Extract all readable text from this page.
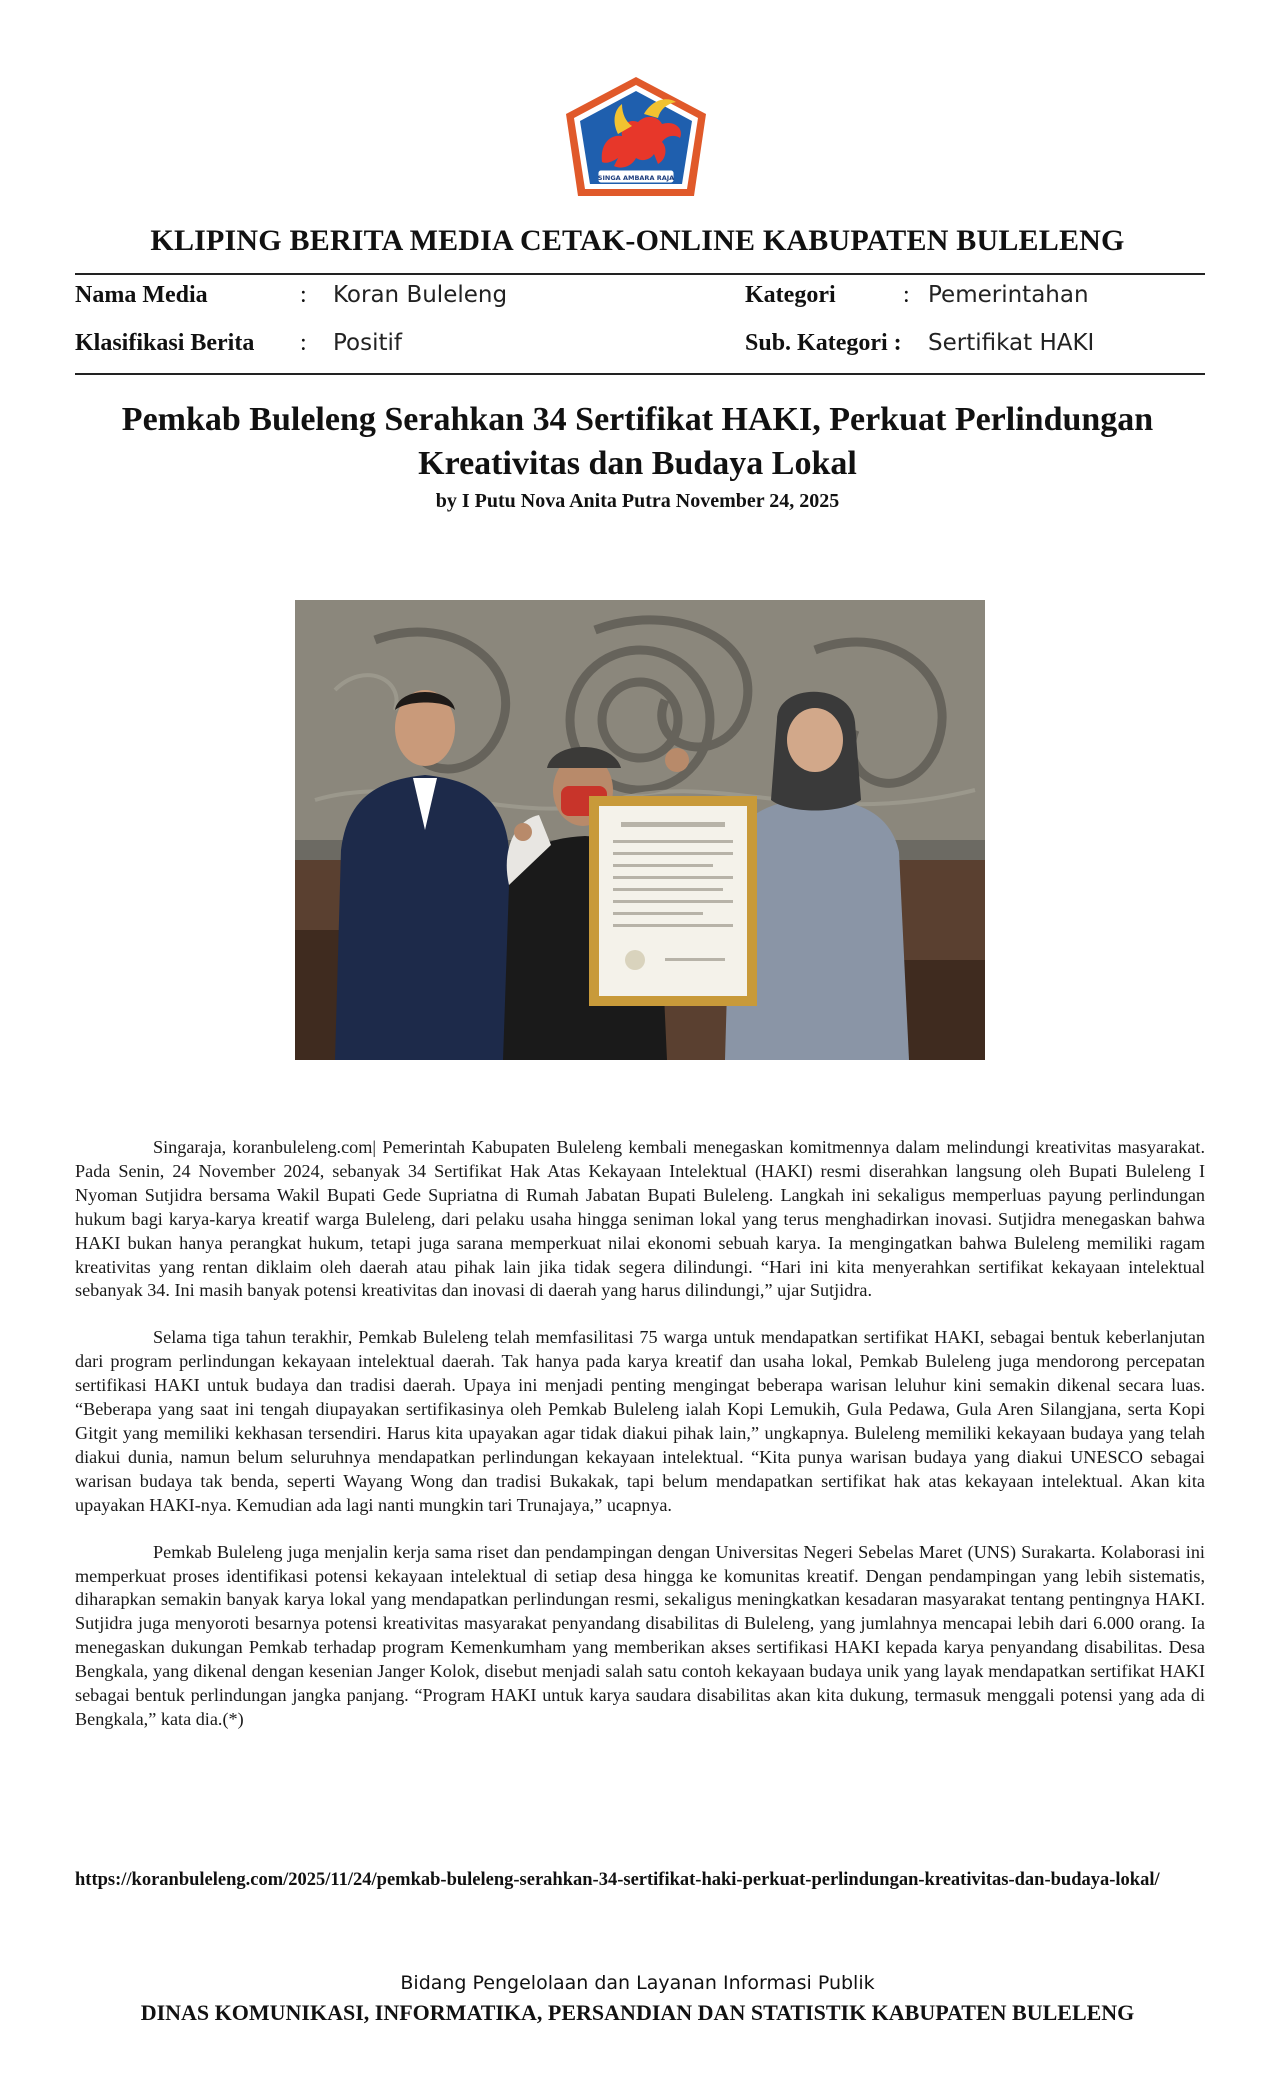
SINGA AMBARA RAJA
KLIPING BERITA MEDIA CETAK-ONLINE KABUPATEN BULELENG
Nama Media	: Koran Buleleng	Kategori	: Pemerintahan
Klasifikasi Berita : Positif	Sub. Kategori : Sertifikat HAKI
Pemkab Buleleng Serahkan 34 Sertifikat HAKI, Perkuat Perlindungan
Kreativitas dan Budaya Lokal
by I Putu Nova Anita Putra November 24, 2025

Singaraja, koranbuleleng.com| Pemerintah Kabupaten Buleleng kembali menegaskan komitmennya dalam melindungi kreativitas masyarakat. Pada Senin, 24 November 2024, sebanyak 34 Sertifikat Hak Atas Kekayaan Intelektual (HAKI) resmi diserahkan langsung oleh Bupati Buleleng I Nyoman Sutjidra bersama Wakil Bupati Gede Supriatna di Rumah Jabatan Bupati Buleleng. Langkah ini sekaligus memperluas payung perlindungan hukum bagi karya-karya kreatif warga Buleleng, dari pelaku usaha hingga seniman lokal yang terus menghadirkan inovasi. Sutjidra menegaskan bahwa HAKI bukan hanya perangkat hukum, tetapi juga sarana memperkuat nilai ekonomi sebuah karya. Ia mengingatkan bahwa Buleleng memiliki ragam kreativitas yang rentan diklaim oleh daerah atau pihak lain jika tidak segera dilindungi. “Hari ini kita menyerahkan sertifikat kekayaan intelektual sebanyak 34. Ini masih banyak potensi kreativitas dan inovasi di daerah yang harus dilindungi,” ujar Sutjidra.

Selama tiga tahun terakhir, Pemkab Buleleng telah memfasilitasi 75 warga untuk mendapatkan sertifikat HAKI, sebagai bentuk keberlanjutan dari program perlindungan kekayaan intelektual daerah. Tak hanya pada karya kreatif dan usaha lokal, Pemkab Buleleng juga mendorong percepatan sertifikasi HAKI untuk budaya dan tradisi daerah. Upaya ini menjadi penting mengingat beberapa warisan leluhur kini semakin dikenal secara luas. “Beberapa yang saat ini tengah diupayakan sertifikasinya oleh Pemkab Buleleng ialah Kopi Lemukih, Gula Pedawa, Gula Aren Silangjana, serta Kopi Gitgit yang memiliki kekhasan tersendiri. Harus kita upayakan agar tidak diakui pihak lain,” ungkapnya. Buleleng memiliki kekayaan budaya yang telah diakui dunia, namun belum seluruhnya mendapatkan perlindungan kekayaan intelektual. “Kita punya warisan budaya yang diakui UNESCO sebagai warisan budaya tak benda, seperti Wayang Wong dan tradisi Bukakak, tapi belum mendapatkan sertifikat hak atas kekayaan intelektual. Akan kita upayakan HAKI-nya. Kemudian ada lagi nanti mungkin tari Trunajaya,” ucapnya.

Pemkab Buleleng juga menjalin kerja sama riset dan pendampingan dengan Universitas Negeri Sebelas Maret (UNS) Surakarta. Kolaborasi ini memperkuat proses identifikasi potensi kekayaan intelektual di setiap desa hingga ke komunitas kreatif. Dengan pendampingan yang lebih sistematis, diharapkan semakin banyak karya lokal yang mendapatkan perlindungan resmi, sekaligus meningkatkan kesadaran masyarakat tentang pentingnya HAKI. Sutjidra juga menyoroti besarnya potensi kreativitas masyarakat penyandang disabilitas di Buleleng, yang jumlahnya mencapai lebih dari 6.000 orang. Ia menegaskan dukungan Pemkab terhadap program Kemenkumham yang memberikan akses sertifikasi HAKI kepada karya penyandang disabilitas. Desa Bengkala, yang dikenal dengan kesenian Janger Kolok, disebut menjadi salah satu contoh kekayaan budaya unik yang layak mendapatkan sertifikat HAKI sebagai bentuk perlindungan jangka panjang. “Program HAKI untuk karya saudara disabilitas akan kita dukung, termasuk menggali potensi yang ada di Bengkala,” kata dia.(*)

https://koranbuleleng.com/2025/11/24/pemkab-buleleng-serahkan-34-sertifikat-haki-perkuat-perlindungan-kreativitas-dan-budaya-lokal/
Bidang Pengelolaan dan Layanan Informasi Publik
DINAS KOMUNIKASI, INFORMATIKA, PERSANDIAN DAN STATISTIK KABUPATEN BULELENG
